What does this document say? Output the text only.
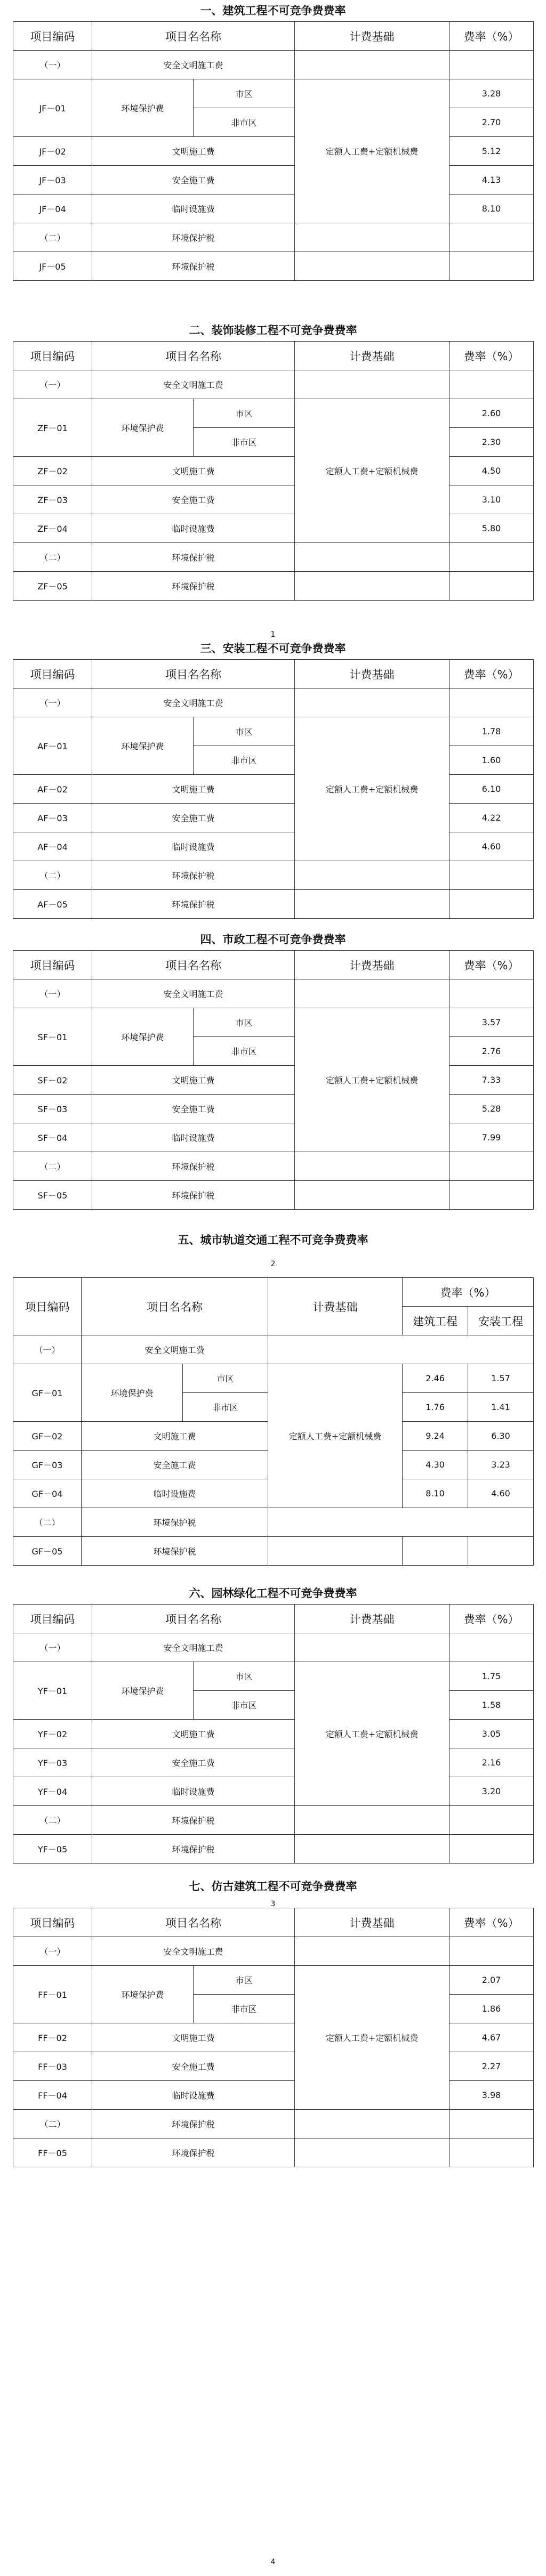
一、建筑工程不可竞争费费率
项目编码	项目名名称		计费基础	费率（%）
（一）	安全文明施工费			
JF－01	环境保护费	市区	定额人工费+定额机械费	3.28
		非市区		2.70
JF－02	文明施工费			5.12
JF－03	安全施工费			4.13
JF－04	临时设施费			8.10
（二）	环境保护税			
JF－05	环境保护税			
二、装饰装修工程不可竞争费费率
项目编码	项目名名称		计费基础	费率（%）
（一）	安全文明施工费			
ZF－01	环境保护费	市区	定额人工费+定额机械费	2.60
		非市区		2.30
ZF－02	文明施工费			4.50
ZF－03	安全施工费			3.10
ZF－04	临时设施费			5.80
（二）	环境保护税			
ZF－05	环境保护税			
1
三、安装工程不可竞争费费率
项目编码	项目名名称		计费基础	费率（%）
（一）	安全文明施工费			
AF－01	环境保护费	市区	定额人工费+定额机械费	1.78
		非市区		1.60
AF－02	文明施工费			6.10
AF－03	安全施工费			4.22
AF－04	临时设施费			4.60
（二）	环境保护税			
AF－05	环境保护税			
四、市政工程不可竞争费费率
项目编码	项目名名称		计费基础	费率（%）
（一）	安全文明施工费			
SF－01	环境保护费	市区	定额人工费+定额机械费	3.57
		非市区		2.76
SF－02	文明施工费			7.33
SF－03	安全施工费			5.28
SF－04	临时设施费			7.99
（二）	环境保护税			
SF－05	环境保护税			
五、城市轨道交通工程不可竞争费费率
2
项目编码	项目名名称		计费基础	费率（%）	
				建筑工程	安装工程
（一）	安全文明施工费				
GF－01	环境保护费	市区	定额人工费+定额机械费	2.46	1.57
		非市区		1.76	1.41
GF－02	文明施工费			9.24	6.30
GF－03	安全施工费			4.30	3.23
GF－04	临时设施费			8.10	4.60
（二）	环境保护税				
GF－05	环境保护税				
六、园林绿化工程不可竞争费费率
项目编码	项目名名称		计费基础	费率（%）
（一）	安全文明施工费			
YF－01	环境保护费	市区	定额人工费+定额机械费	1.75
		非市区		1.58
YF－02	文明施工费			3.05
YF－03	安全施工费			2.16
YF－04	临时设施费			3.20
（二）	环境保护税			
YF－05	环境保护税			
3
七、仿古建筑工程不可竞争费费率
项目编码	项目名名称		计费基础	费率（%）
（一）	安全文明施工费			
FF－01	环境保护费	市区	定额人工费+定额机械费	2.07
		非市区		1.86
FF－02	文明施工费			4.67
FF－03	安全施工费			2.27
FF－04	临时设施费			3.98
（二）	环境保护税			
FF－05	环境保护税			
4
